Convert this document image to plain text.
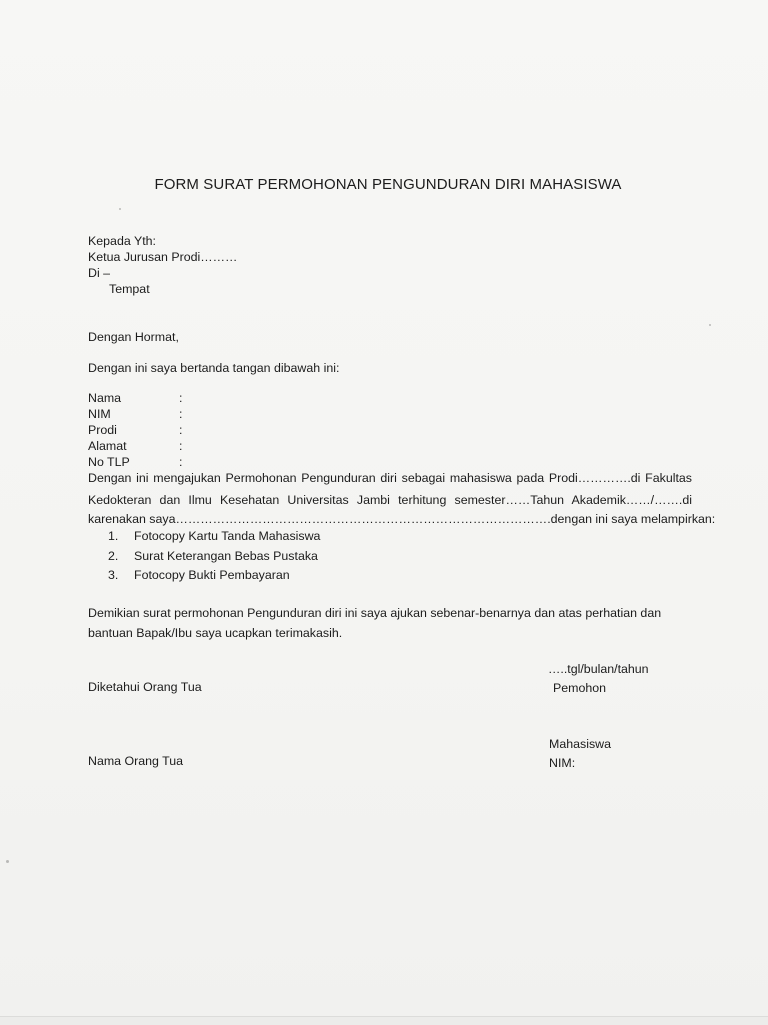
FORM SURAT PERMOHONAN PENGUNDURAN DIRI MAHASISWA
Kepada Yth:
Ketua Jurusan Prodi………
Di –
Tempat
Dengan Hormat,
Dengan ini saya bertanda tangan dibawah ini:
Nama	:
NIM	:
Prodi	:
Alamat	:
No TLP	:
Dengan ini mengajukan Permohonan Pengunduran diri sebagai mahasiswa pada Prodi………….di Fakultas
Kedokteran dan Ilmu Kesehatan Universitas Jambi terhitung semester……Tahun Akademik……/…….di
karenakan saya……………………………………………………………………………….dengan ini saya melampirkan:
1. Fotocopy Kartu Tanda Mahasiswa
2. Surat Keterangan Bebas Pustaka
3. Fotocopy Bukti Pembayaran
Demikian surat permohonan Pengunduran diri ini saya ajukan sebenar-benarnya dan atas perhatian dan
bantuan Bapak/Ibu saya ucapkan terimakasih.
…..tgl/bulan/tahun
Pemohon
Diketahui Orang Tua
Mahasiswa
NIM:
Nama Orang Tua
